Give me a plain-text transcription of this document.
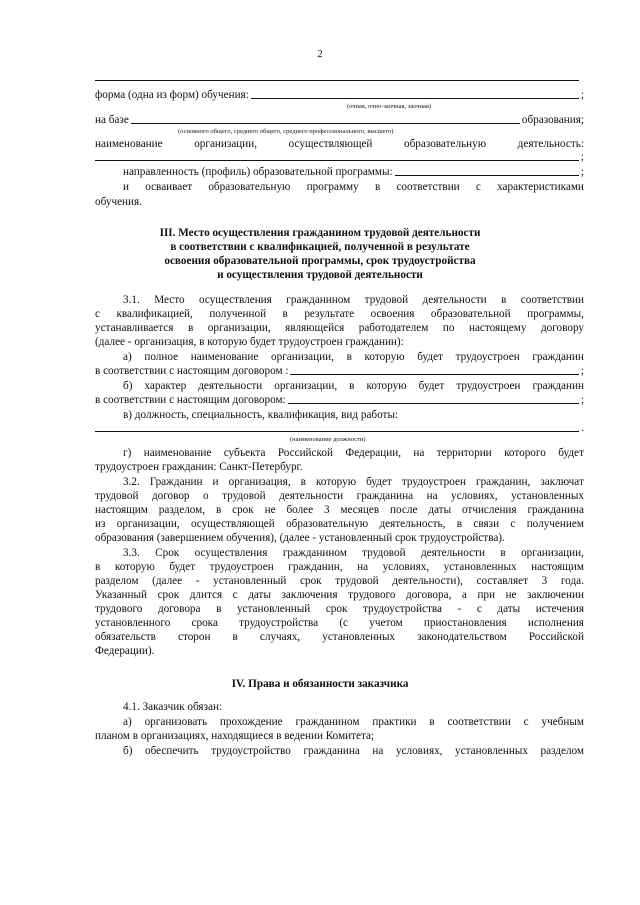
2
форма (одна из форм) обучения:	;
(очная, очно-заочная, заочная)
на базе	образования;
(основного общего, среднего общего, среднего профессионального, высшего)
наименование	организации,	осуществляющей	образовательную	деятельность:
;
направленность (профиль) образовательной программы:	;
и осваивает образовательную программу в соответствии с характеристиками
обучения.
III. Место осуществления гражданином трудовой деятельности
в соответствии с квалификацией, полученной в результате
освоения образовательной программы, срок трудоустройства
и осуществления трудовой деятельности
3.1. Место осуществления гражданином трудовой деятельности в соответствии
с квалификацией, полученной в результате освоения образовательной программы,
устанавливается в организации, являющейся работодателем по настоящему договору
(далее - организация, в которую будет трудоустроен гражданин):
а) полное наименование организации, в которую будет трудоустроен гражданин
в соответствии с настоящим договором :	;
б) характер деятельности организации, в которую будет трудоустроен гражданин
в соответствии с настоящим договором:	;
в) должность, специальность, квалификация, вид работы:
.
(наименование должности)
г) наименование субъекта Российской Федерации, на территории которого будет
трудоустроен гражданин: Санкт-Петербург.
3.2. Гражданин и организация, в которую будет трудоустроен гражданин, заключат
трудовой договор о трудовой деятельности гражданина на условиях, установленных
настоящим разделом, в срок не более 3 месяцев после даты отчисления гражданина
из организации, осуществляющей образовательную деятельность, в связи с получением
образования (завершением обучения), (далее - установленный срок трудоустройства).
3.3. Срок осуществления гражданином трудовой деятельности в организации,
в которую будет трудоустроен гражданин, на условиях, установленных настоящим
разделом (далее - установленный срок трудовой деятельности), составляет 3 года.
Указанный срок длится с даты заключения трудового договора, а при не заключении
трудового договора в установленный срок трудоустройства - с даты истечения
установленного срока трудоустройства (с учетом приостановления исполнения
обязательств сторон в случаях, установленных законодательством Российской
Федерации).
IV. Права и обязанности заказчика
4.1. Заказчик обязан:
а) организовать прохождение гражданином практики в соответствии с учебным
планом в организациях, находящиеся в ведении Комитета;
б) обеспечить трудоустройство гражданина на условиях, установленных разделом
